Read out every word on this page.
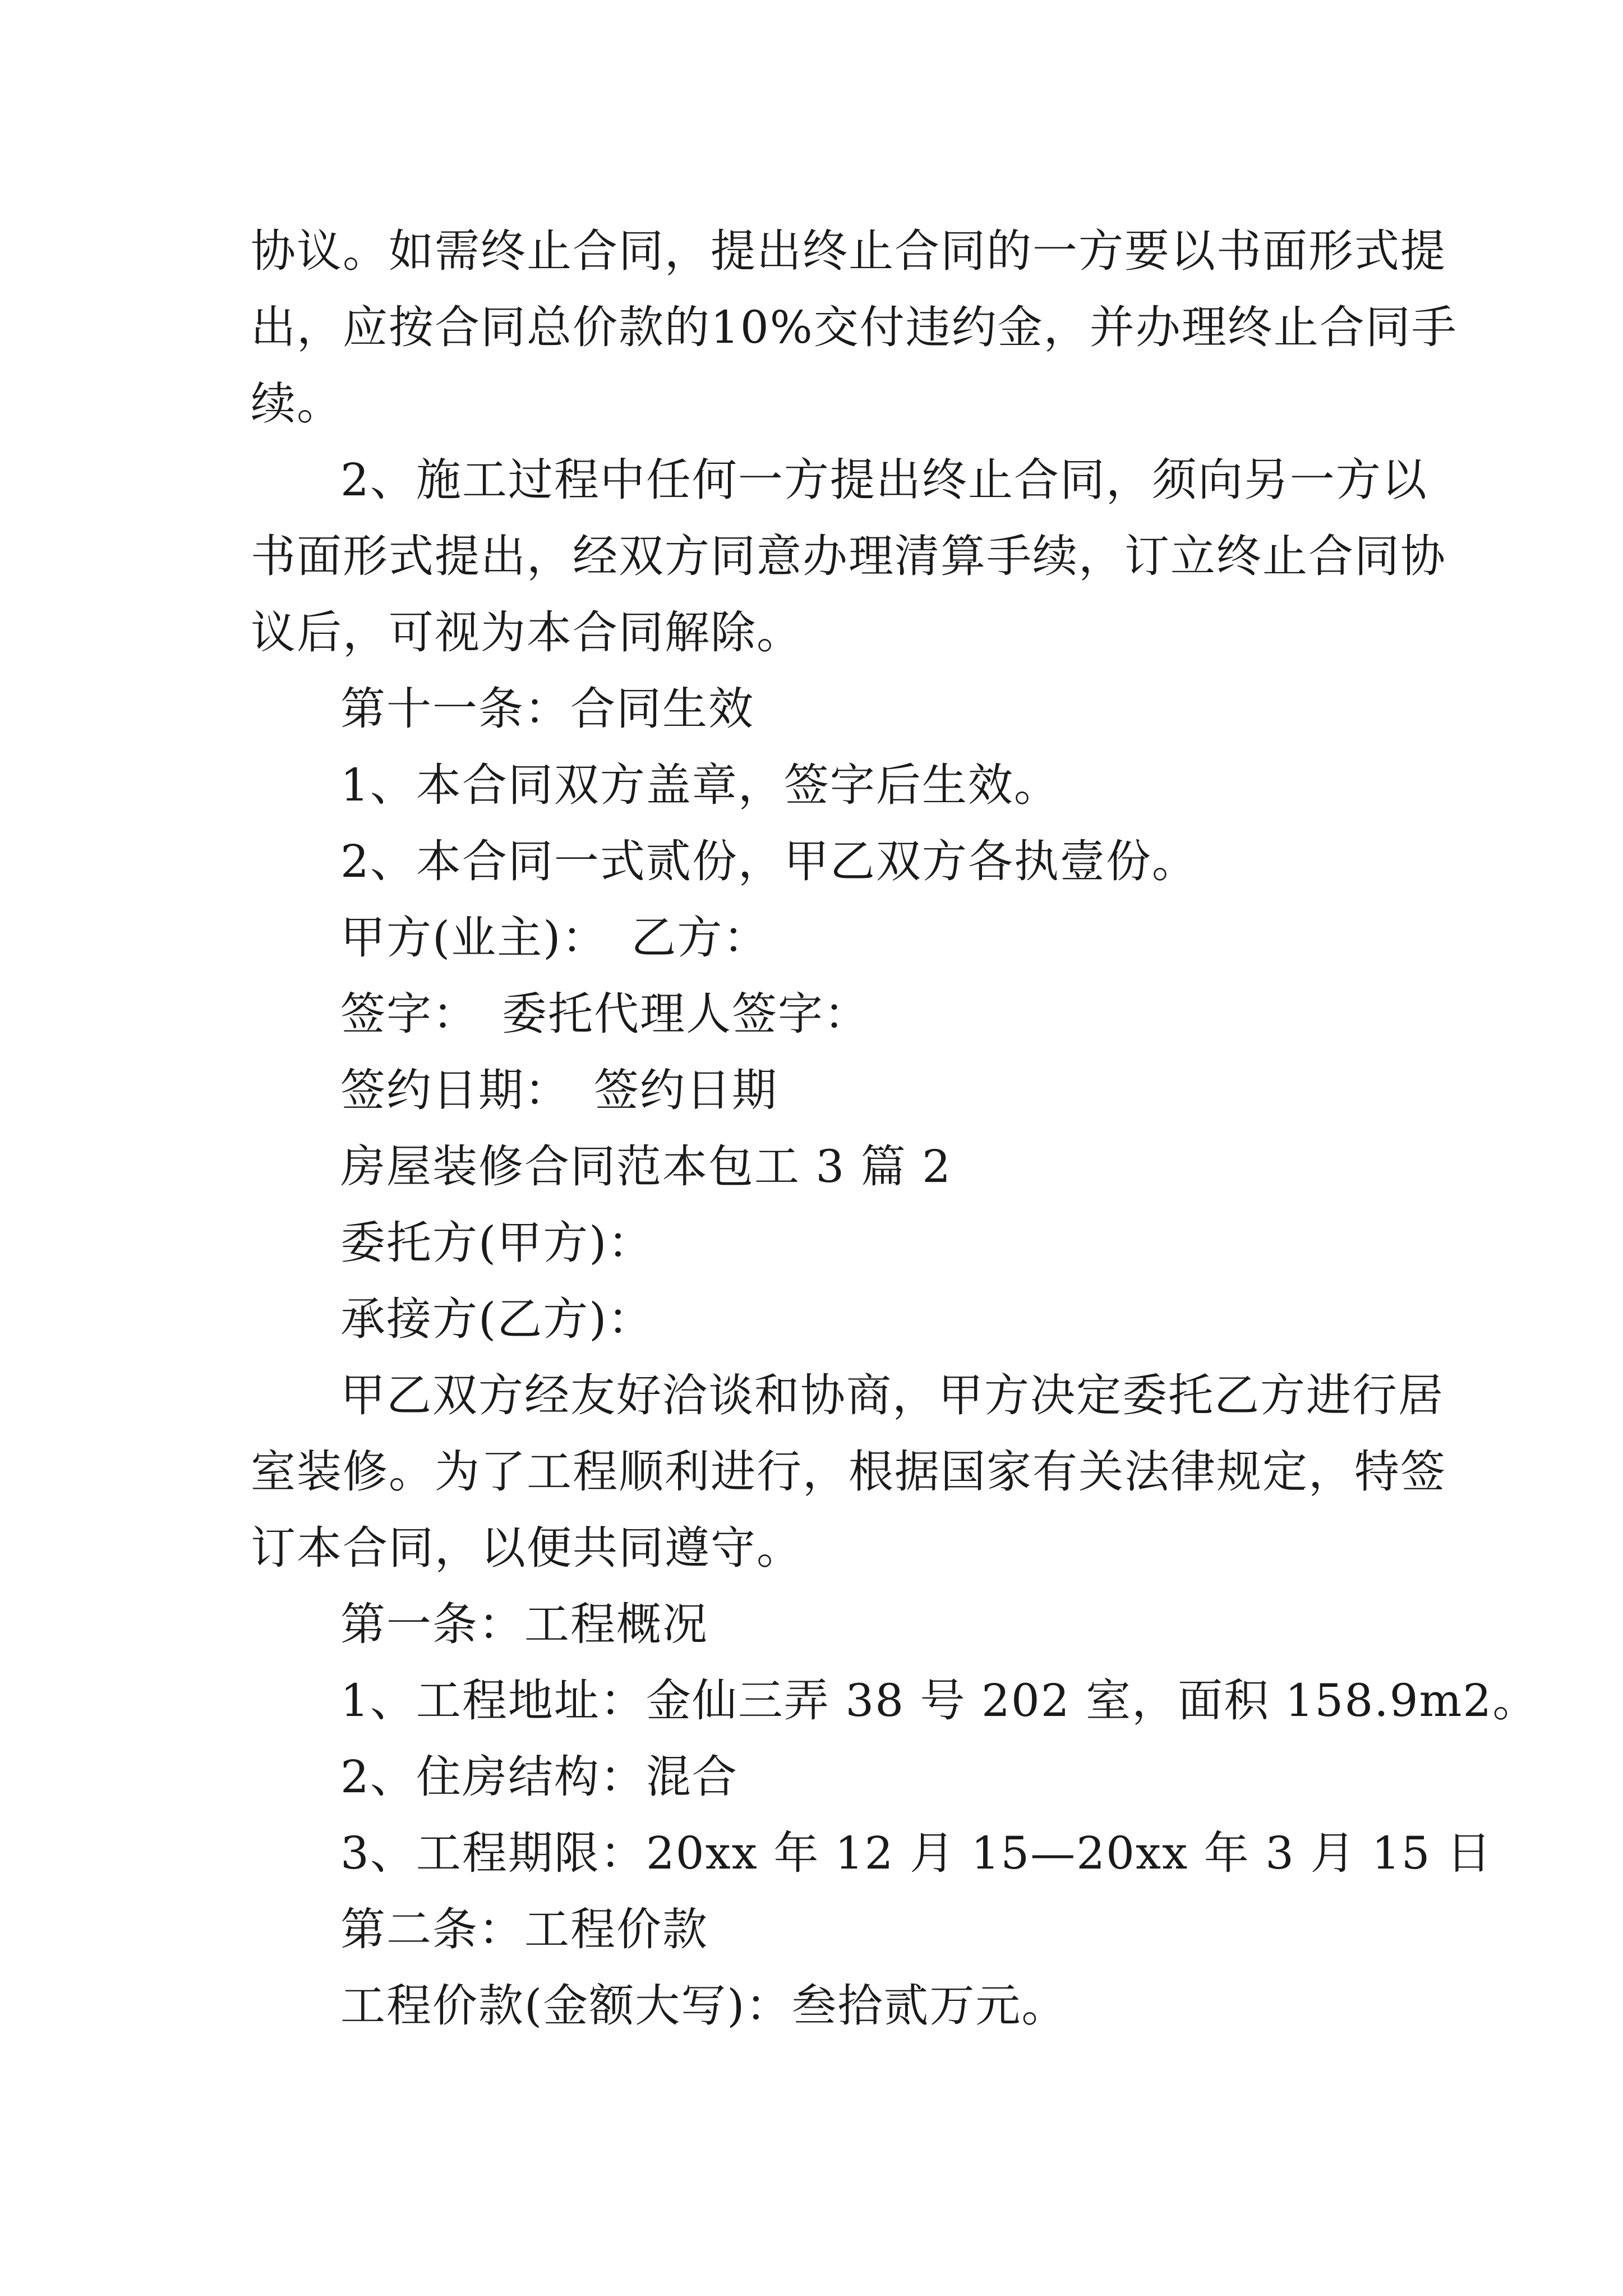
协议。如需终止合同，提出终止合同的一方要以书面形式提
出，应按合同总价款的10%交付违约金，并办理终止合同手
续。
2、施工过程中任何一方提出终止合同，须向另一方以
书面形式提出，经双方同意办理清算手续，订立终止合同协
议后，可视为本合同解除。
第十一条：合同生效
1、本合同双方盖章，签字后生效。
2、本合同一式贰份，甲乙双方各执壹份。
甲方(业主)：　乙方：
签字：　委托代理人签字：
签约日期：　签约日期
房屋装修合同范本包工 3 篇 2
委托方(甲方)：
承接方(乙方)：
甲乙双方经友好洽谈和协商，甲方决定委托乙方进行居
室装修。为了工程顺利进行，根据国家有关法律规定，特签
订本合同，以便共同遵守。
第一条：工程概况
1、工程地址：金仙三弄 38 号 202 室，面积 158.9m2。
2、住房结构：混合
3、工程期限：20xx 年 12 月 15—20xx 年 3 月 15 日
第二条：工程价款
工程价款(金额大写)：叁拾贰万元。
